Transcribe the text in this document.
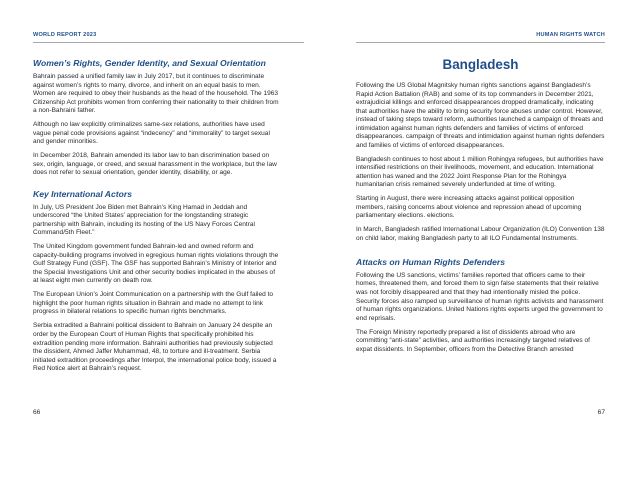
WORLD REPORT 2023
Women’s Rights, Gender Identity, and Sexual Orientation

Bahrain passed a unified family law in July 2017, but it continues to discriminate against women’s rights to marry, divorce, and inherit on an equal basis to men. Women are required to obey their husbands as the head of the household. The 1963 Citizenship Act prohibits women from conferring their nationality to their children from a non-Bahraini father.

Although no law explicitly criminalizes same-sex relations, authorities have used vague penal code provisions against “indecency” and “immorality” to target sexual and gender minorities.

In December 2018, Bahrain amended its labor law to ban discrimination based on sex, origin, language, or creed, and sexual harassment in the workplace, but the law does not refer to sexual orientation, gender identity, disability, or age.

Key International Actors

In July, US President Joe Biden met Bahrain’s King Hamad in Jeddah and underscored “the United States’ appreciation for the longstanding strategic partnership with Bahrain, including its hosting of the US Navy Forces Central Command/5th Fleet.”

The United Kingdom government funded Bahrain-led and owned reform and capacity-building programs involved in egregious human rights violations through the Gulf Strategy Fund (GSF). The GSF has supported Bahrain’s Ministry of Interior and the Special Investigations Unit and other security bodies implicated in the abuses of at least eight men currently on death row.

The European Union’s Joint Communication on a partnership with the Gulf failed to highlight the poor human rights situation in Bahrain and made no attempt to link progress in bilateral relations to specific human rights benchmarks.

Serbia extradited a Bahraini political dissident to Bahrain on January 24 despite an order by the European Court of Human Rights that specifically prohibited his extradition pending more information. Bahraini authorities had previously subjected the dissident, Ahmed Jaffer Muhammad, 48, to torture and ill-treatment. Serbia initiated extradition proceedings after Interpol, the international police body, issued a Red Notice alert at Bahrain’s request.

66
HUMAN RIGHTS WATCH
Bangladesh

Following the US Global Magnitsky human rights sanctions against Bangladesh’s Rapid Action Battalion (RAB) and some of its top commanders in December 2021, extrajudicial killings and enforced disappearances dropped dramatically, indicating that authorities have the ability to bring security force abuses under control. However, instead of taking steps toward reform, authorities launched a campaign of threats and intimidation against human rights defenders and families of victims of enforced disappearances. campaign of threats and intimidation against human rights defenders and families of victims of enforced disappearances.

Bangladesh continues to host about 1 million Rohingya refugees, but authorities have intensified restrictions on their livelihoods, movement, and education. International attention has waned and the 2022 Joint Response Plan for the Rohingya humanitarian crisis remained severely underfunded at time of writing.

Starting in August, there were increasing attacks against political opposition members, raising concerns about violence and repression ahead of upcoming parliamentary elections. elections.

In March, Bangladesh ratified International Labour Organization (ILO) Convention 138 on child labor, making Bangladesh party to all ILO Fundamental Instruments.

Attacks on Human Rights Defenders

Following the US sanctions, victims’ families reported that officers came to their homes, threatened them, and forced them to sign false statements that their relative was not forcibly disappeared and that they had intentionally misled the police. Security forces also ramped up surveillance of human rights activists and harassment of human rights organizations. United Nations rights experts urged the government to end reprisals.

The Foreign Ministry reportedly prepared a list of dissidents abroad who are committing “anti-state” activities, and authorities increasingly targeted relatives of expat dissidents. In September, officers from the Detective Branch arrested

67
